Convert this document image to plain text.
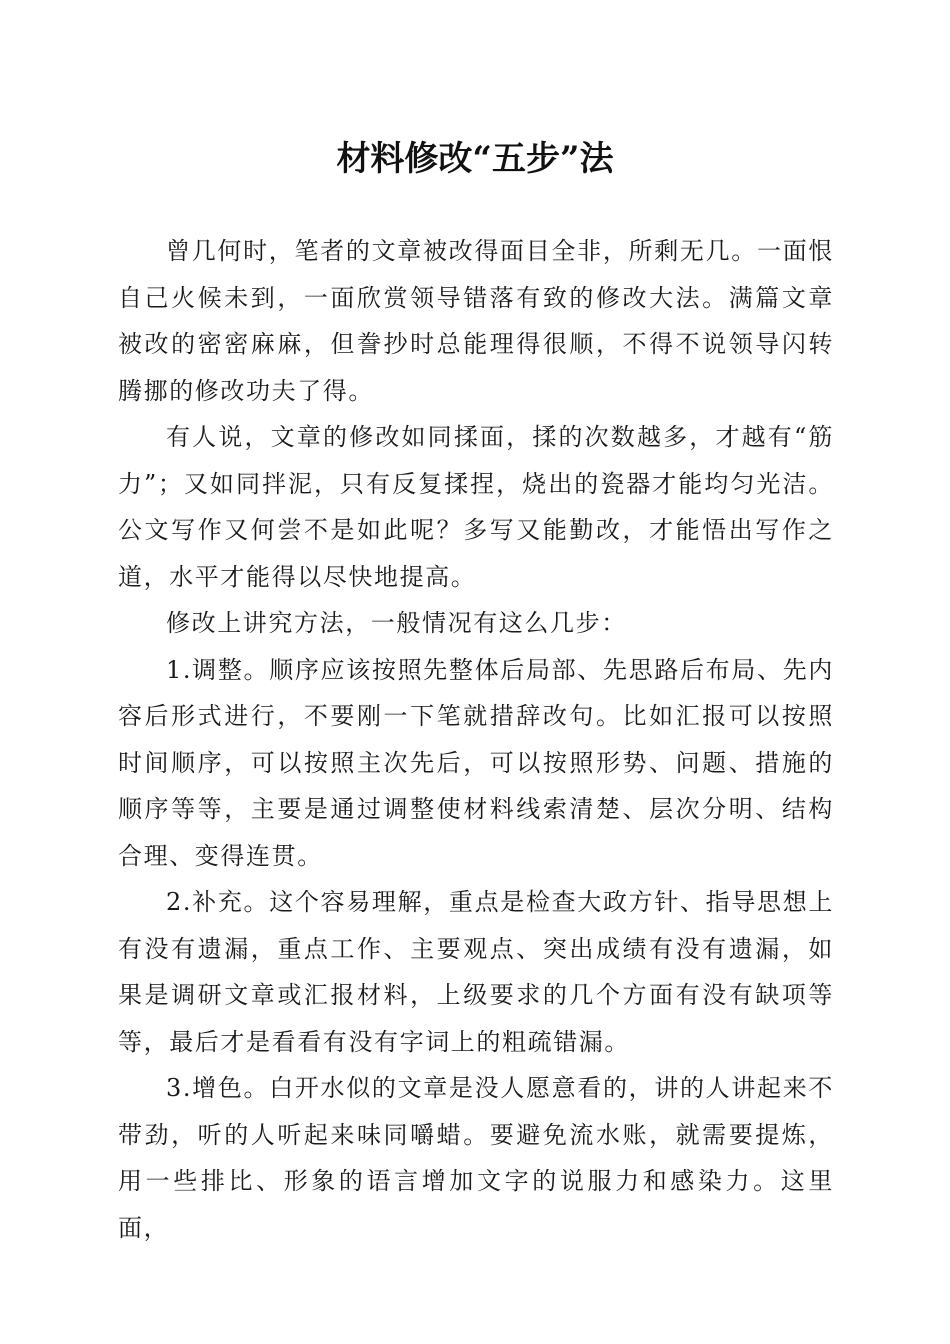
材料修改“五步”法

曾几何时，笔者的文章被改得面目全非，所剩无几。一面恨自己火候未到，一面欣赏领导错落有致的修改大法。满篇文章被改的密密麻麻，但誊抄时总能理得很顺，不得不说领导闪转腾挪的修改功夫了得。

有人说，文章的修改如同揉面，揉的次数越多，才越有“筋力”；又如同拌泥，只有反复揉捏，烧出的瓷器才能均匀光洁。公文写作又何尝不是如此呢？多写又能勤改，才能悟出写作之道，水平才能得以尽快地提高。

修改上讲究方法，一般情况有这么几步：

1.调整。顺序应该按照先整体后局部、先思路后布局、先内容后形式进行，不要刚一下笔就措辞改句。比如汇报可以按照时间顺序，可以按照主次先后，可以按照形势、问题、措施的顺序等等，主要是通过调整使材料线索清楚、层次分明、结构合理、变得连贯。

2.补充。这个容易理解，重点是检查大政方针、指导思想上有没有遗漏，重点工作、主要观点、突出成绩有没有遗漏，如果是调研文章或汇报材料，上级要求的几个方面有没有缺项等等，最后才是看看有没有字词上的粗疏错漏。

3.增色。白开水似的文章是没人愿意看的，讲的人讲起来不带劲，听的人听起来味同嚼蜡。要避免流水账，就需要提炼，用一些排比、形象的语言增加文字的说服力和感染力。这里面，
